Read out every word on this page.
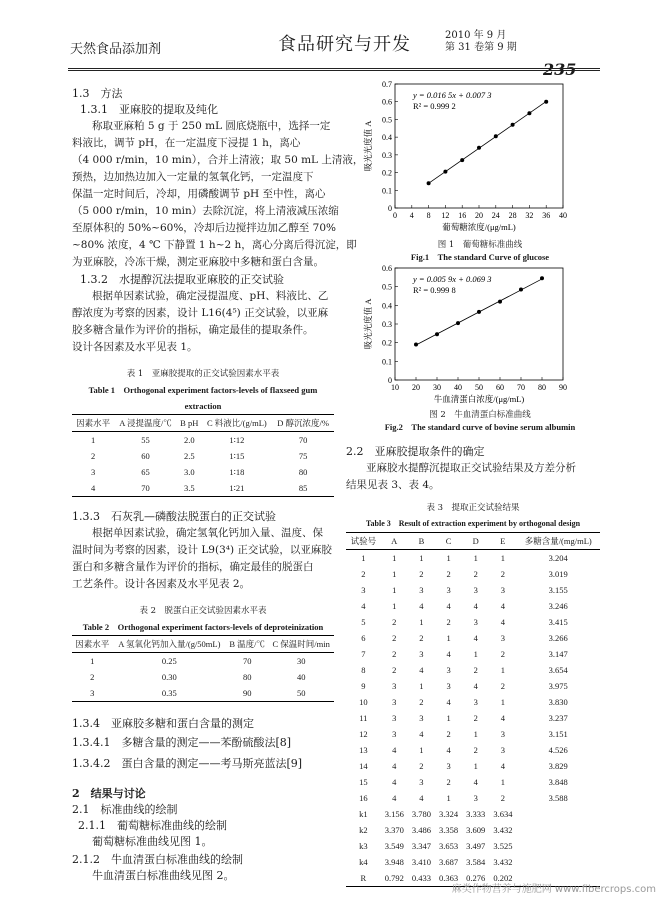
天然食品添加剂	食品研究与开发	2010 年 9 月
第 31 卷第 9 期
1.3　方法
1.3.1　亚麻胶的提取及纯化
称取亚麻粕 5 g 于 250 mL 圆底烧瓶中，选择一定
料液比，调节 pH，在一定温度下浸提 1 h，离心
（4 000 r/min，10 min），合并上清液；取 50 mL 上清液，
预热，边加热边加入一定量的氢氧化钙，一定温度下
保温一定时间后，冷却，用磷酸调节 pH 至中性，离心
（5 000 r/min，10 min）去除沉淀，将上清液减压浓缩
至原体积的 50%~60%，冷却后边搅拌边加乙醇至 70%
~80% 浓度，4 ℃ 下静置 1 h~2 h，离心分离后得沉淀，即
为亚麻胶，冷冻干燥，测定亚麻胶中多糖和蛋白含量。
1.3.2　水提醇沉法提取亚麻胶的正交试验
根据单因素试验，确定浸提温度、pH、料液比、乙
醇浓度为考察的因素，设计 L16(4⁵) 正交试验，以亚麻
胶多糖含量作为评价的指标，确定最佳的提取条件。
设计各因素及水平见表 1。
表 1　亚麻胶提取的正交试验因素水平表
Table 1　Orthogonal experiment factors-levels of flaxseed gum
extraction
因素水平	A 浸提温度/℃	B pH	C 料液比/(g/mL)	D 醇沉浓度/%
1	55	2.0	1∶12	70
2	60	2.5	1∶15	75
3	65	3.0	1∶18	80
4	70	3.5	1∶21	85
1.3.3　石灰乳—磷酸法脱蛋白的正交试验
根据单因素试验，确定氢氧化钙加入量、温度、保
温时间为考察的因素，设计 L9(3⁴) 正交试验，以亚麻胶
蛋白和多糖含量作为评价的指标，确定最佳的脱蛋白
工艺条件。设计各因素及水平见表 2。
表 2　脱蛋白正交试验因素水平表
Table 2　Orthogonal experiment factors-levels of deproteinization
因素水平	A 氢氧化钙加入量/(g/50mL)	B 温度/℃	C 保温时间/min
1	0.25	70	30
2	0.30	80	40
3	0.35	90	50
1.3.4　亚麻胶多糖和蛋白含量的测定
1.3.4.1　多糖含量的测定——苯酚硫酸法[8]
1.3.4.2　蛋白含量的测定——考马斯亮蓝法[9]
2　结果与讨论
2.1　标准曲线的绘制
2.1.1　葡萄糖标准曲线的绘制
葡萄糖标准曲线见图 1。
2.1.2　牛血清蛋白标准曲线的绘制
牛血清蛋白标准曲线见图 2。
0 4 8 12 16 20 24 28 32 36 40
0
0.1
0.2
0.3
0.4
0.5
0.6
0.7
y = 0.016 5x + 0.007 3
R² = 0.999 2
葡萄糖浓度/(μg/mL)
吸光光度值 A
图 1　葡萄糖标准曲线
Fig.1　The standard Curve of glucose
10 20 30 40 50 60 70 80 90
0
0.1
0.2
0.3
0.4
0.5
0.6
y = 0.005 9x + 0.069 3
R² = 0.999 8
牛血清蛋白浓度/(μg/mL)
吸光光度值 A
图 2　牛血清蛋白标准曲线
Fig.2　The standard curve of bovine serum albumin
2.2　亚麻胶提取条件的确定
亚麻胶水提醇沉提取正交试验结果及方差分析
结果见表 3、表 4。
表 3　提取正交试验结果
Table 3　Result of extraction experiment by orthogonal design
试验号	A	B	C	D	E	多糖含量/(mg/mL)
1	1	1	1	1	1	3.204
2	1	2	2	2	2	3.019
3	1	3	3	3	3	3.155
4	1	4	4	4	4	3.246
5	2	1	2	3	4	3.415
6	2	2	1	4	3	3.266
7	2	3	4	1	2	3.147
8	2	4	3	2	1	3.654
9	3	1	3	4	2	3.975
10	3	2	4	3	1	3.830
11	3	3	1	2	4	3.237
12	3	4	2	1	3	3.151
13	4	1	4	2	3	4.526
14	4	2	3	1	4	3.829
15	4	3	2	4	1	3.848
16	4	4	1	3	2	3.588
k1	3.156	3.780	3.324	3.333	3.634	
k2	3.370	3.486	3.358	3.609	3.432	
k3	3.549	3.347	3.653	3.497	3.525	
k4	3.948	3.410	3.687	3.584	3.432	
R	0.792	0.433	0.363	0.276	0.202	
麻类作物营养与施肥网 www.fibercrops.com
